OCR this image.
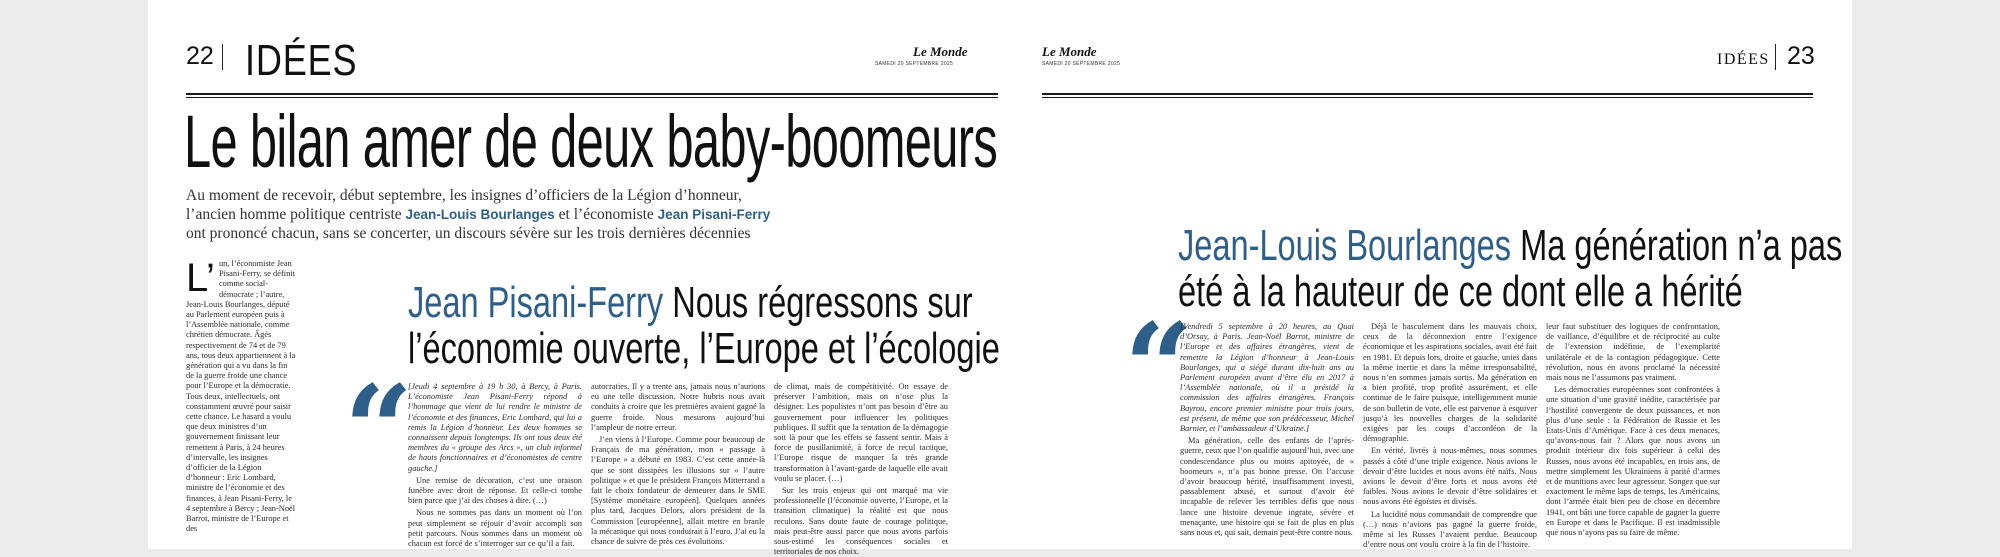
22 IDÉES	Le Monde
SAMEDI 20 SEPTEMBRE 2025
Le bilan amer de deux baby-boomeurs

Au moment de recevoir, début septembre, les insignes d’officiers de la Légion d’honneur,

l’ancien homme politique centriste Jean-Louis Bourlanges et l’économiste Jean Pisani-Ferry

ont prononcé chacun, sans se concerter, un discours sévère sur les trois dernières décennies

L’ un, l’économiste Jean Pisani-Ferry, se définit comme social-démocrate ; l’autre, Jean-Louis Bourlanges, député au Parlement européen puis à l’Assemblée nationale, comme chrétien démocrate. Âgés respectivement de 74 et de 79 ans, tous deux appartiennent à la génération qui a vu dans la fin de la guerre froide une chance pour l’Europe et la démocratie. Tous deux, intellectuels, ont constamment œuvré pour saisir cette chance. Le hasard a voulu que deux ministres d’un gouvernement finissant leur remettent à Paris, à 24 heures d’intervalle, les insignes d’officier de la Légion d’honneur : Eric Lombard, ministre de l’économie et des finances, à Jean Pisani-Ferry, le 4 septembre à Bercy ; Jean-Noël Barrot, ministre de l’Europe et des
Jean Pisani-Ferry Nous régressons sur
l’économie ouverte, l’Europe et l’écologie
“

[Jeudi 4 septembre à 19 h 30, à Bercy, à Paris. L’économiste Jean Pisani-Ferry répond à l’hommage que vient de lui rendre le ministre de l’économie et des finances, Eric Lombard, qui lui a remis la Légion d’honneur. Les deux hommes se connaissent depuis longtemps. Ils ont tous deux été membres du « groupe des Arcs », un club informel de hauts fonctionnaires et d’économistes de centre gauche.]

Une remise de décoration, c’est une oraison funèbre avec droit de réponse. Et celle-ci tombe bien parce que j’ai des choses à dire. (…)

Nous ne sommes pas dans un moment où l’on peut simplement se réjouir d’avoir accompli son petit parcours. Nous sommes dans un moment où chacun est forcé de s’interroger sur ce qu’il a fait.

autocraties. Il y a trente ans, jamais nous n’aurions eu une telle discussion. Notre hubris nous avait conduits à croire que les premières avaient gagné la guerre froide. Nous mesurons aujourd’hui l’ampleur de notre erreur.

J’en viens à l’Europe. Comme pour beaucoup de Français de ma génération, mon « passage à l’Europe » a débuté en 1983. C’est cette année-là que se sont dissipées les illusions sur « l’autre politique » et que le président François Mitterrand a fait le choix fondateur de demeurer dans le SME [Système monétaire européen]. Quelques années plus tard, Jacques Delors, alors président de la Commission [européenne], allait mettre en branle la mécanique qui nous conduirait à l’euro. J’ai eu la chance de suivre de près ces évolutions.

de climat, mais de compétitivité. On essaye de préserver l’ambition, mais on n’ose plus la désigner. Les populistes n’ont pas besoin d’être au gouvernement pour influencer les politiques publiques. Il suffit que la tentation de la démagogie soit là pour que les effets se fassent sentir. Mais à force de pusillanimité, à force de recul tactique, l’Europe risque de manquer la très grande transformation à l’avant-garde de laquelle elle avait voulu se placer. (…)

Sur les trois enjeux qui ont marqué ma vie professionnelle (l’économie ouverte, l’Europe, et la transition climatique) la réalité est que nous reculons. Sans doute faute de courage politique, mais peut-être aussi parce que nous avons parfois sous-estimé les conséquences sociales et territoriales de nos choix.

Le Monde
SAMEDI 20 SEPTEMBRE 2025	IDÉES 23
Jean-Louis Bourlanges Ma génération n’a pas
été à la hauteur de ce dont elle a hérité
“

[Vendredi 5 septembre à 20 heures, au Quai d’Orsay, à Paris. Jean-Noël Barrot, ministre de l’Europe et des affaires étrangères, vient de remettre la Légion d’honneur à Jean-Louis Bourlanges, qui a siégé durant dix-huit ans au Parlement européen avant d’être élu en 2017 à l’Assemblée nationale, où il a présidé la commission des affaires étrangères. François Bayrou, encore premier ministre pour trois jours, est présent, de même que son prédécesseur, Michel Barnier, et l’ambassadeur d’Ukraine.]

Ma génération, celle des enfants de l’après-guerre, ceux que l’on qualifie aujourd’hui, avec une condescendance plus ou moins apitoyée, de « boomeurs », n’a pas bonne presse. On l’accuse d’avoir beaucoup hérité, insuffisamment investi, passablement abusé, et surtout d’avoir été incapable de relever les terribles défis que nous lance une histoire devenue ingrate, sévère et menaçante, une histoire qui se fait de plus en plus sans nous et, qui sait, demain peut-être contre nous.

Déjà le basculement dans les mauvais choix, ceux de la déconnexion entre l’exigence économique et les aspirations sociales, avait été fait en 1981. Et depuis lors, droite et gauche, unies dans la même inertie et dans la même irresponsabilité, nous n’en sommes jamais sortis. Ma génération en a bien profité, trop profité assurément, et elle continue de le faire puisque, intelligemment munie de son bulletin de vote, elle est parvenue à esquiver jusqu’à les nouvelles charges de la solidarité exigées par les coups d’accordéon de la démographie.

En vérité, livrés à nous-mêmes, nous sommes passés à côté d’une triple exigence. Nous avions le devoir d’être lucides et nous avons été naïfs. Nous avions le devoir d’être forts et nous avons été faibles. Nous avions le devoir d’être solidaires et nous avons été égoïstes et divisés.

La lucidité nous commandait de comprendre que (…) nous n’avions pas gagné la guerre froide, même si les Russes l’avaient perdue. Beaucoup d’entre nous ont voulu croire à la fin de l’histoire.

leur faut substituer des logiques de confrontation, de vaillance, d’équilibre et de réciprocité au culte de l’extension indéfinie, de l’exemplarité unilatérale et de la contagion pédagogique. Cette révolution, nous en avons proclamé la nécessité mais nous ne l’assumons pas vraiment.

Les démocraties européennes sont confrontées à une situation d’une gravité inédite, caractérisée par l’hostilité convergente de deux puissances, et non plus d’une seule : la Fédération de Russie et les Etats-Unis d’Amérique. Face à ces deux menaces, qu’avons-nous fait ? Alors que nous avons un produit intérieur dix fois supérieur à celui des Russes, nous avons été incapables, en trois ans, de mettre simplement les Ukrainiens à parité d’armes et de munitions avec leur agresseur. Songez que sur exactement le même laps de temps, les Américains, dont l’armée était bien peu de chose en décembre 1941, ont bâti une force capable de gagner la guerre en Europe et dans le Pacifique. Il est inadmissible que nous n’ayons pas su faire de même.
